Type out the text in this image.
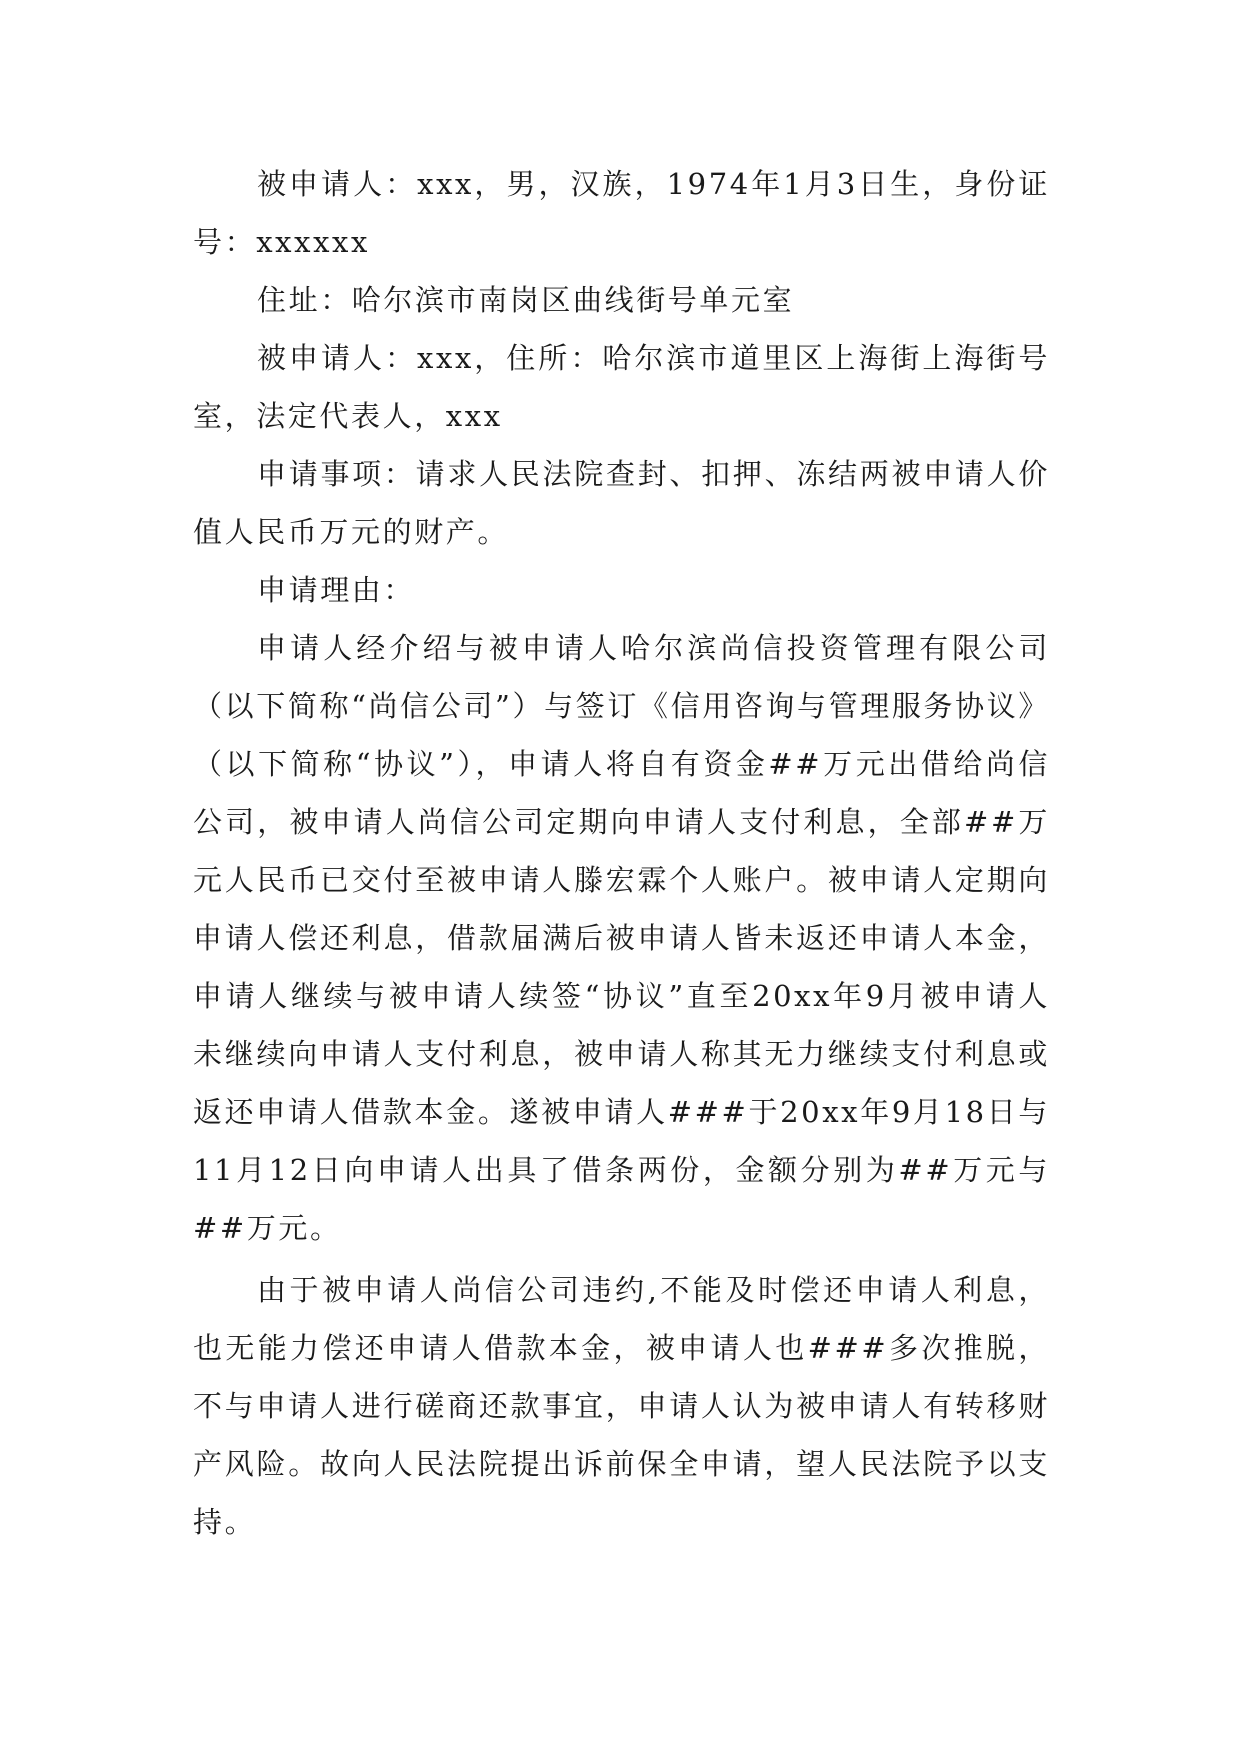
被申请人：xxx，男，汉族，1974年1月3日生，身份证号：xxxxxx

住址：哈尔滨市南岗区曲线街号单元室

被申请人：xxx，住所：哈尔滨市道里区上海街上海街号室，法定代表人，xxx

申请事项：请求人民法院查封、扣押、冻结两被申请人价值人民币万元的财产。

申请理由：

申请人经介绍与被申请人哈尔滨尚信投资管理有限公司（以下简称“尚信公司”）与签订《信用咨询与管理服务协议》（以下简称“协议”），申请人将自有资金##万元出借给尚信公司，被申请人尚信公司定期向申请人支付利息，全部##万元人民币已交付至被申请人滕宏霖个人账户。被申请人定期向申请人偿还利息，借款届满后被申请人皆未返还申请人本金，申请人继续与被申请人续签“协议”直至20xx年9月被申请人未继续向申请人支付利息，被申请人称其无力继续支付利息或返还申请人借款本金。遂被申请人###于20xx年9月18日与11月12日向申请人出具了借条两份，金额分别为##万元与##万元。

由于被申请人尚信公司违约,不能及时偿还申请人利息，也无能力偿还申请人借款本金，被申请人也###多次推脱，不与申请人进行磋商还款事宜，申请人认为被申请人有转移财产风险。故向人民法院提出诉前保全申请，望人民法院予以支持。
